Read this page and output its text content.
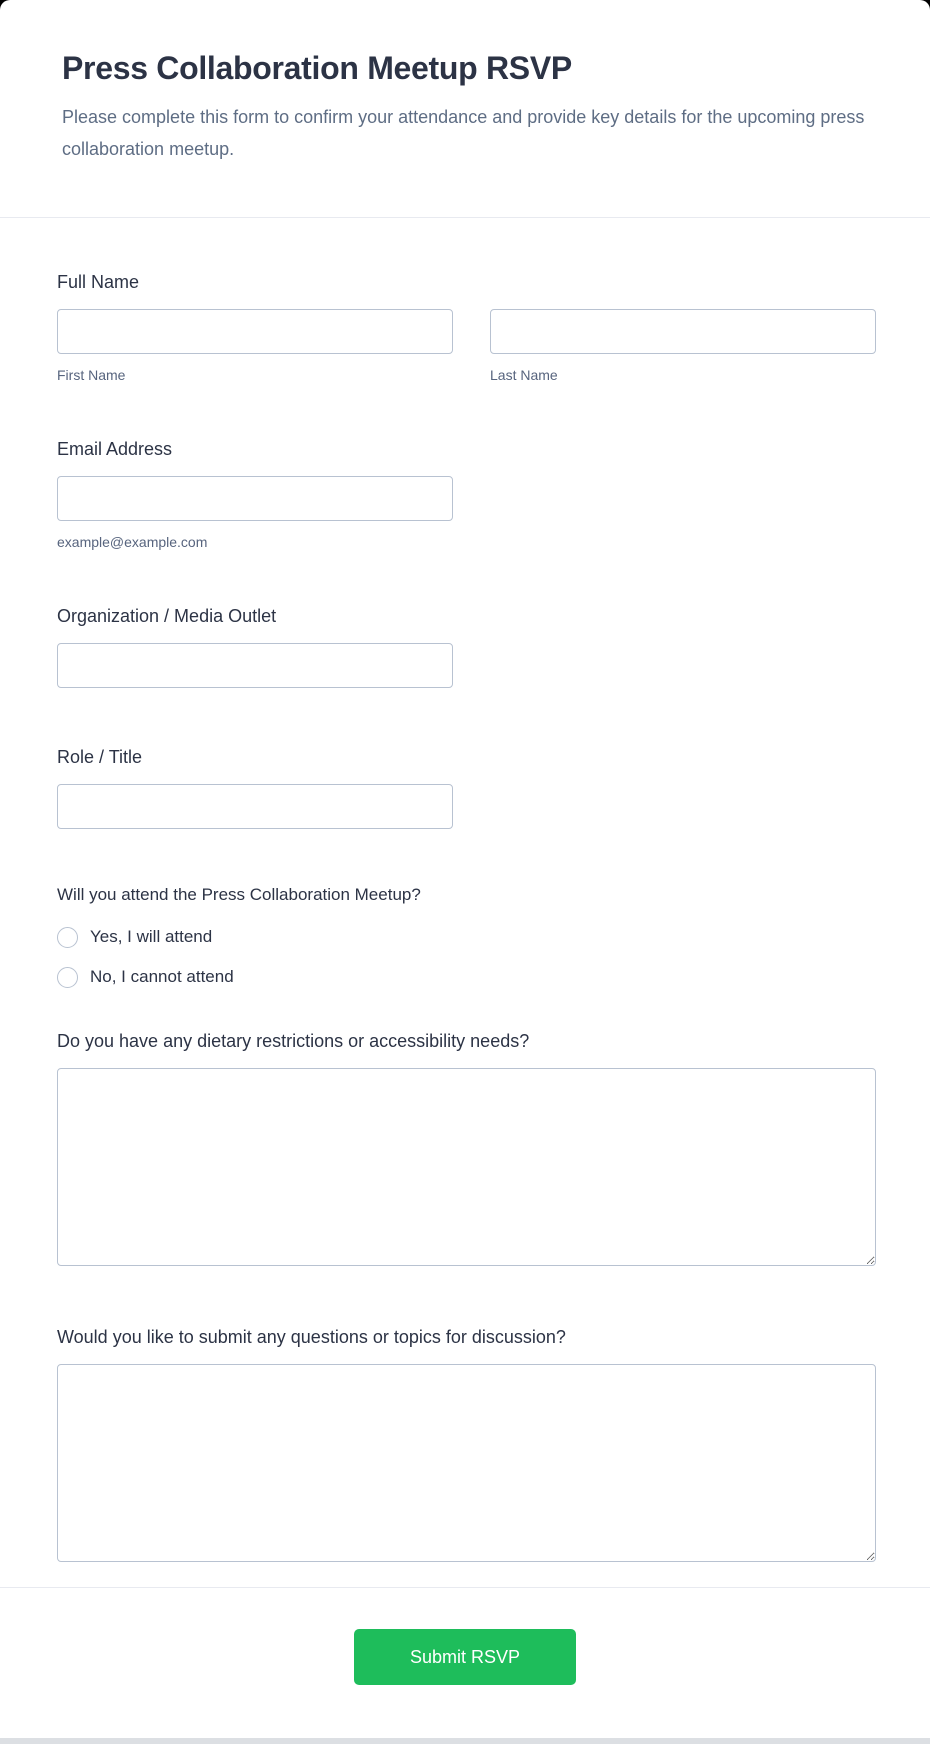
Press Collaboration Meetup RSVP

Please complete this form to confirm your attendance and provide key details for the upcoming press collaboration meetup.

Full Name
First Name	Last Name
Email Address
example@example.com
Organization / Media Outlet
Role / Title
Will you attend the Press Collaboration Meetup?
Yes, I will attend
No, I cannot attend
Do you have any dietary restrictions or accessibility needs?
Would you like to submit any questions or topics for discussion?
Submit RSVP
